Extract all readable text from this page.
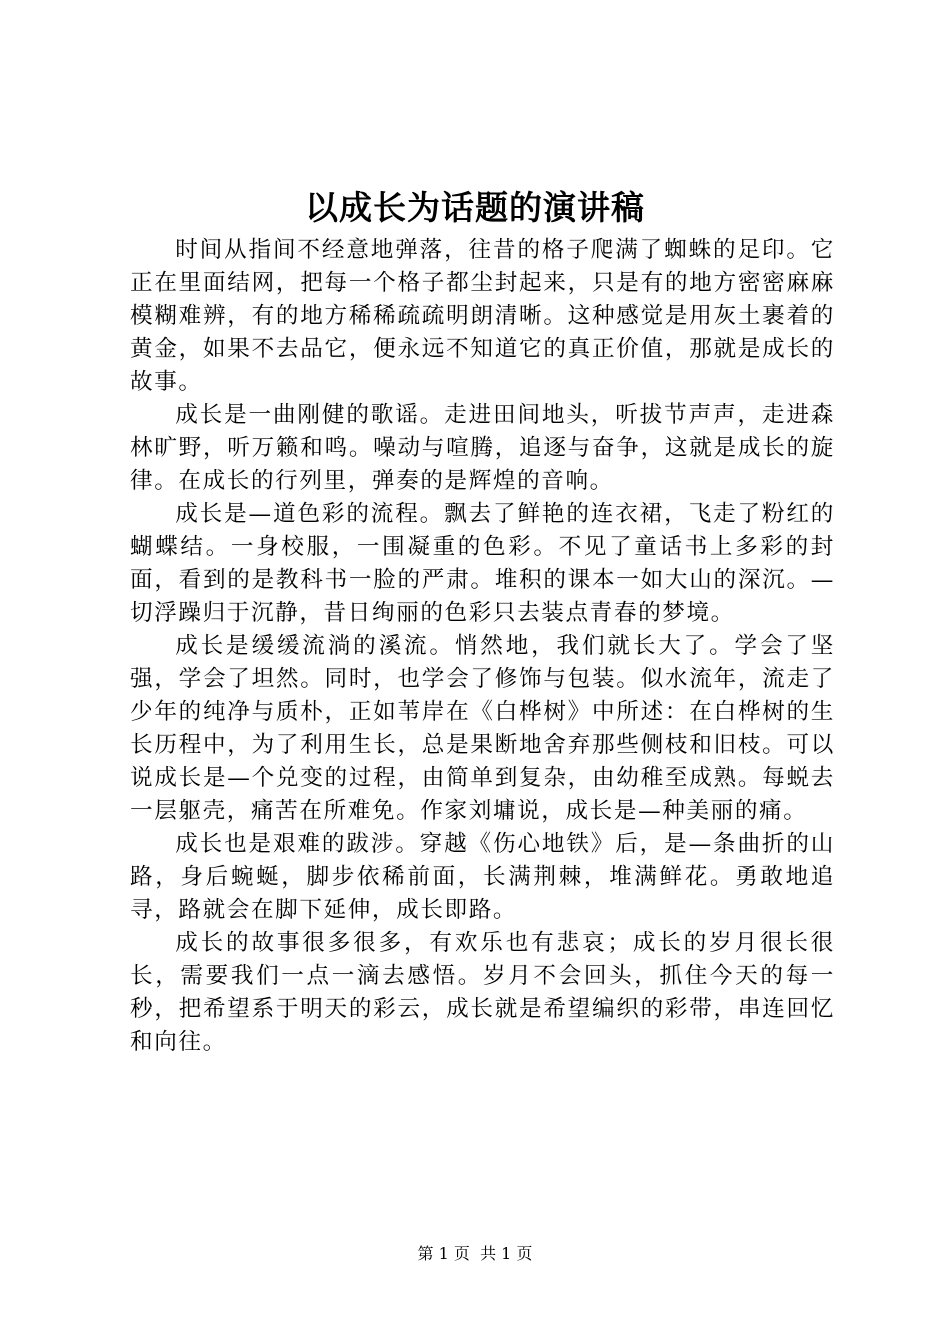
以成长为话题的演讲稿

时间从指间不经意地弹落，往昔的格子爬满了蜘蛛的足印。它正在里面结网，把每一个格子都尘封起来，只是有的地方密密麻麻模糊难辨，有的地方稀稀疏疏明朗清晰。这种感觉是用灰土裹着的黄金，如果不去品它，便永远不知道它的真正价值，那就是成长的故事。

成长是一曲刚健的歌谣。走进田间地头，听拔节声声，走进森林旷野，听万籁和鸣。噪动与喧腾，追逐与奋争，这就是成长的旋律。在成长的行列里，弹奏的是辉煌的音响。

成长是—道色彩的流程。飘去了鲜艳的连衣裙，飞走了粉红的蝴蝶结。一身校服，一围凝重的色彩。不见了童话书上多彩的封面，看到的是教科书一脸的严肃。堆积的课本一如大山的深沉。—切浮躁归于沉静，昔日绚丽的色彩只去装点青春的梦境。

成长是缓缓流淌的溪流。悄然地，我们就长大了。学会了坚强，学会了坦然。同时，也学会了修饰与包装。似水流年，流走了少年的纯净与质朴，正如苇岸在《白桦树》中所述：在白桦树的生长历程中，为了利用生长，总是果断地舍弃那些侧枝和旧枝。可以说成长是—个兑变的过程，由简单到复杂，由幼稚至成熟。每蜕去一层躯壳，痛苦在所难免。作家刘墉说，成长是—种美丽的痛。

成长也是艰难的跋涉。穿越《伤心地铁》后，是—条曲折的山路，身后蜿蜒，脚步依稀前面，长满荆棘，堆满鲜花。勇敢地追寻，路就会在脚下延伸，成长即路。

成长的故事很多很多，有欢乐也有悲哀；成长的岁月很长很长，需要我们一点一滴去感悟。岁月不会回头，抓住今天的每一秒，把希望系于明天的彩云，成长就是希望编织的彩带，串连回忆和向往。

第 1 页  共 1 页
